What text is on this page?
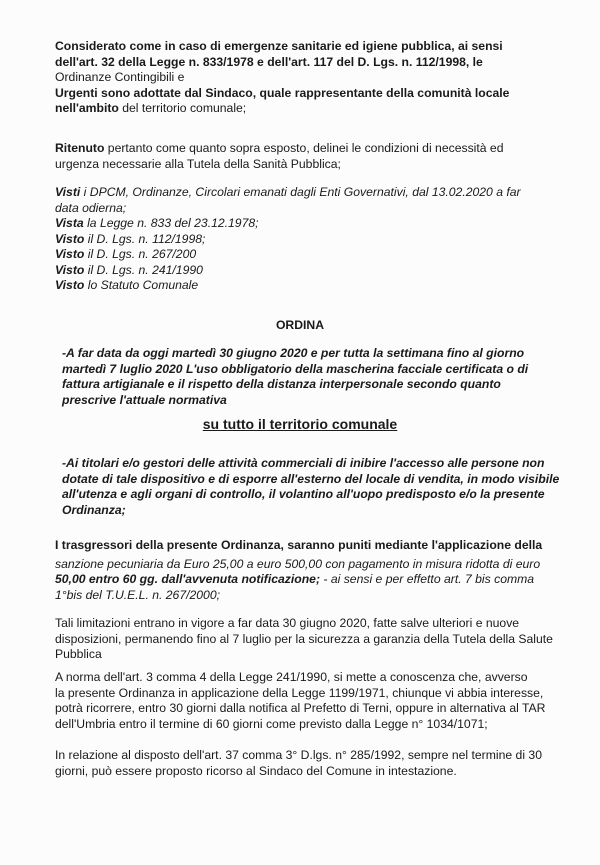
Considerato come in caso di emergenze sanitarie ed igiene pubblica, ai sensi
dell'art. 32 della Legge n. 833/1978 e dell'art. 117 del D. Lgs. n. 112/1998, le
Ordinanze Contingibili e
Urgenti sono adottate dal Sindaco, quale rappresentante della comunità locale
nell'ambito del territorio comunale;
Ritenuto pertanto come quanto sopra esposto, delinei le condizioni di necessità ed
urgenza necessarie alla Tutela della Sanità Pubblica;
Visti i DPCM, Ordinanze, Circolari emanati dagli Enti Governativi, dal 13.02.2020 a far
data odierna;
Vista la Legge n. 833 del 23.12.1978;
Visto il D. Lgs. n. 112/1998;
Visto il D. Lgs. n. 267/200
Visto il D. Lgs. n. 241/1990
Visto lo Statuto Comunale
ORDINA
-A far data da oggi martedì 30 giugno 2020 e per tutta la settimana fino al giorno
martedì 7 luglio 2020 L'uso obbligatorio della mascherina facciale certificata o di
fattura artigianale e il rispetto della distanza interpersonale secondo quanto
prescrive l'attuale normativa
su tutto il territorio comunale
-Ai titolari e/o gestori delle attività commerciali di inibire l'accesso alle persone non
dotate di tale dispositivo e di esporre all'esterno del locale di vendita, in modo visibile
all'utenza e agli organi di controllo, il volantino all'uopo predisposto e/o la presente
Ordinanza;
I trasgressori della presente Ordinanza, saranno puniti mediante l'applicazione della
sanzione pecuniaria da Euro 25,00 a euro 500,00 con pagamento in misura ridotta di euro
50,00 entro 60 gg. dall'avvenuta notificazione; - ai sensi e per effetto art. 7 bis comma
1°bis del T.U.E.L. n. 267/2000;
Tali limitazioni entrano in vigore a far data 30 giugno 2020, fatte salve ulteriori e nuove
disposizioni, permanendo fino al 7 luglio per la sicurezza a garanzia della Tutela della Salute
Pubblica
A norma dell'art. 3 comma 4 della Legge 241/1990, si mette a conoscenza che, avverso
la presente Ordinanza in applicazione della Legge 1199/1971, chiunque vi abbia interesse,
potrà ricorrere, entro 30 giorni dalla notifica al Prefetto di Terni, oppure in alternativa al TAR
dell'Umbria entro il termine di 60 giorni come previsto dalla Legge n° 1034/1071;
In relazione al disposto dell'art. 37 comma 3° D.lgs. n° 285/1992, sempre nel termine di 30
giorni, può essere proposto ricorso al Sindaco del Comune in intestazione.
